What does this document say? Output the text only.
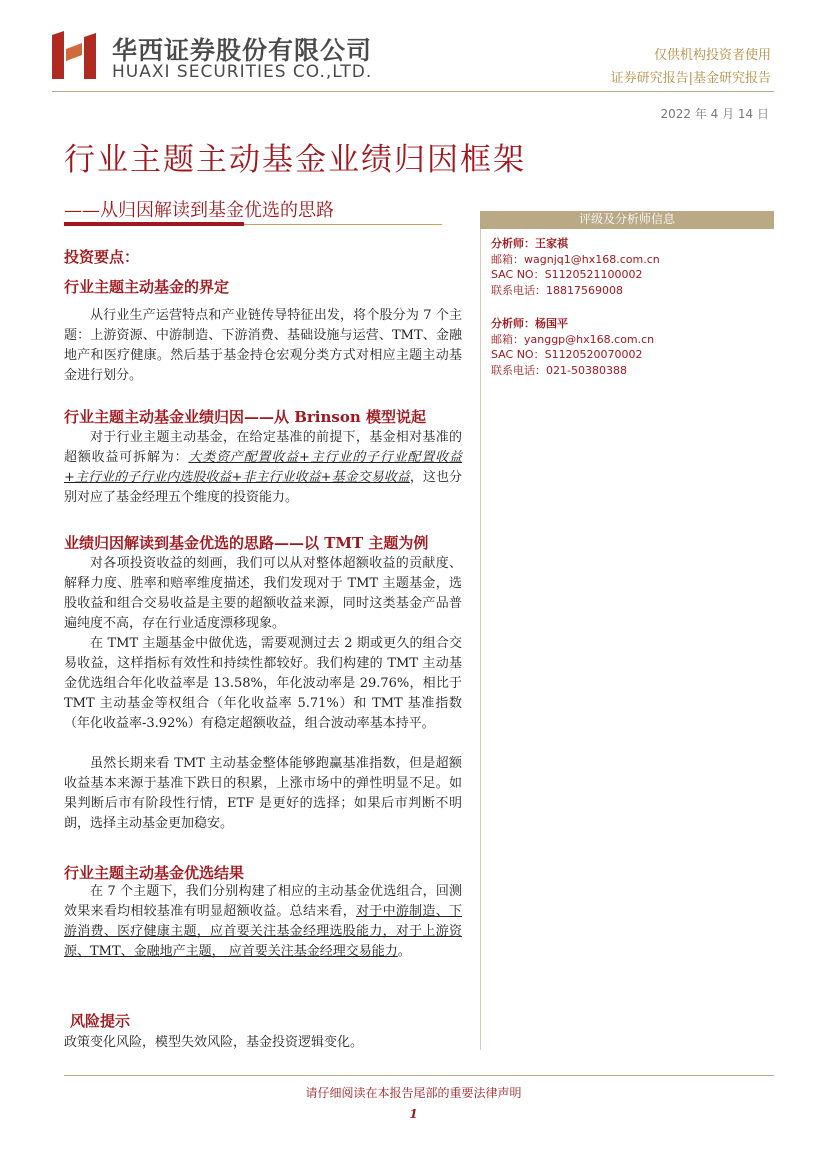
华西证券股份有限公司
HUAXI SECURITIES CO.,LTD.
仅供机构投资者使用
证券研究报告|基金研究报告
2022 年 4 月 14 日
行业主题主动基金业绩归因框架
——从归因解读到基金优选的思路
投资要点：
行业主题主动基金的界定
从行业生产运营特点和产业链传导特征出发，将个股分为 7 个主题：上游资源、中游制造、下游消费、基础设施与运营、TMT、金融地产和医疗健康。然后基于基金持仓宏观分类方式对相应主题主动基金进行划分。
行业主题主动基金业绩归因——从 Brinson 模型说起
对于行业主题主动基金，在给定基准的前提下，基金相对基准的超额收益可拆解为：大类资产配置收益+主行业的子行业配置收益+主行业的子行业内选股收益+非主行业收益+基金交易收益，这也分别对应了基金经理五个维度的投资能力。
业绩归因解读到基金优选的思路——以 TMT 主题为例
对各项投资收益的刻画，我们可以从对整体超额收益的贡献度、解释力度、胜率和赔率维度描述，我们发现对于 TMT 主题基金，选股收益和组合交易收益是主要的超额收益来源，同时这类基金产品普遍纯度不高，存在行业适度漂移现象。
在 TMT 主题基金中做优选，需要观测过去 2 期或更久的组合交易收益，这样指标有效性和持续性都较好。我们构建的 TMT 主动基金优选组合年化收益率是 13.58%，年化波动率是 29.76%，相比于 TMT 主动基金等权组合（年化收益率 5.71%）和 TMT 基准指数（年化收益率-3.92%）有稳定超额收益，组合波动率基本持平。
虽然长期来看 TMT 主动基金整体能够跑赢基准指数，但是超额收益基本来源于基准下跌日的积累，上涨市场中的弹性明显不足。如果判断后市有阶段性行情，ETF 是更好的选择；如果后市判断不明朗，选择主动基金更加稳安。
行业主题主动基金优选结果
在 7 个主题下，我们分别构建了相应的主动基金优选组合，回测效果来看均相较基准有明显超额收益。总结来看，对于中游制造、下游消费、医疗健康主题，应首要关注基金经理选股能力，对于上游资源、TMT、金融地产主题， 应首要关注基金经理交易能力。
风险提示
政策变化风险，模型失效风险，基金投资逻辑变化。
评级及分析师信息
分析师：王家祺
邮箱：wagnjq1@hx168.com.cn
SAC NO：S1120521100002
联系电话：18817569008
分析师：杨国平
邮箱：yanggp@hx168.com.cn
SAC NO：S1120520070002
联系电话：021-50380388
请仔细阅读在本报告尾部的重要法律声明
1
